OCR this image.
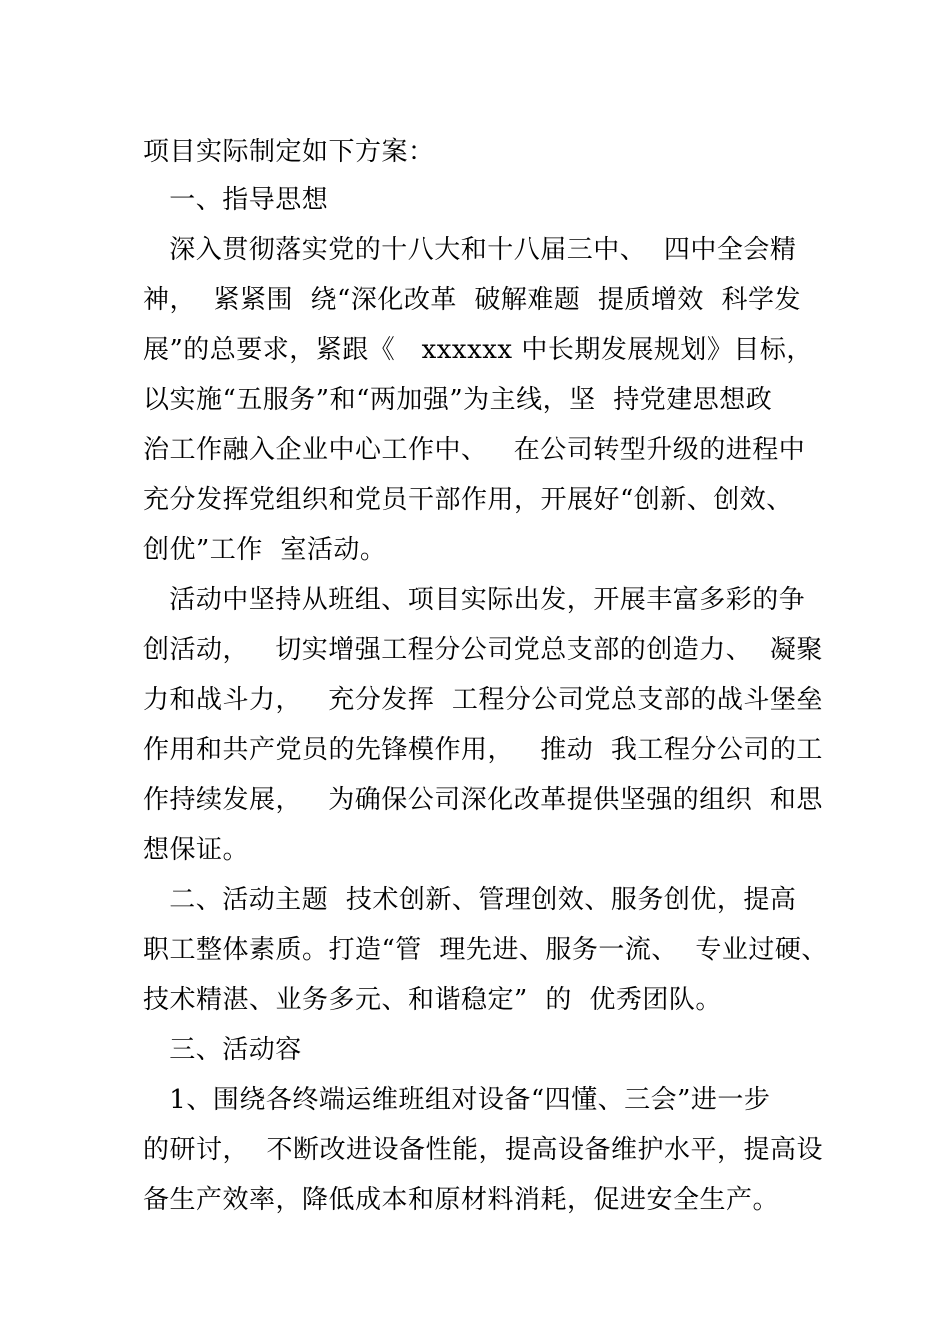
项目实际制定如下方案：
一、指导思想
深入贯彻落实党的十八大和十八届三中、  四中全会精
神，  紧紧围  绕“深化改革  破解难题  提质增效  科学发
展”的总要求，紧跟《   xxxxxx 中长期发展规划》目标，
以实施“五服务”和“两加强”为主线，坚  持党建思想政
治工作融入企业中心工作中、   在公司转型升级的进程中
充分发挥党组织和党员干部作用，开展好“创新、创效、
创优”工作  室活动。
活动中坚持从班组、项目实际出发，开展丰富多彩的争
创活动，   切实增强工程分公司党总支部的创造力、  凝聚
力和战斗力，   充分发挥  工程分公司党总支部的战斗堡垒
作用和共产党员的先锋模作用，   推动  我工程分公司的工
作持续发展，   为确保公司深化改革提供坚强的组织  和思
想保证。
二、活动主题  技术创新、管理创效、服务创优，提高
职工整体素质。打造“管  理先进、服务一流、  专业过硬、
技术精湛、业务多元、和谐稳定”  的  优秀团队。
三、活动容
1、围绕各终端运维班组对设备“四懂、三会”进一步
的研讨，  不断改进设备性能，提高设备维护水平，提高设
备生产效率，降低成本和原材料消耗，促进安全生产。
